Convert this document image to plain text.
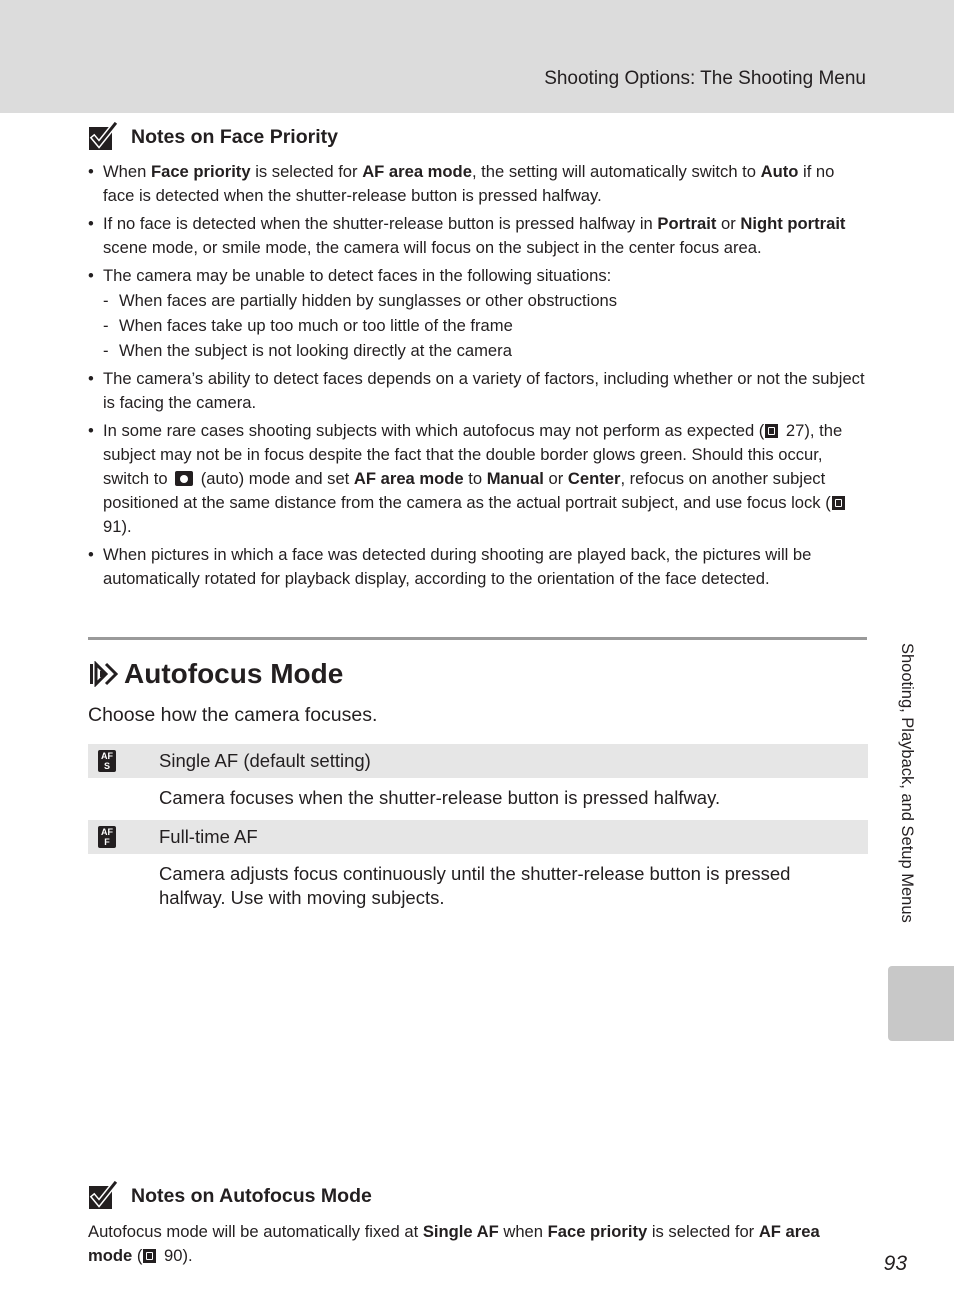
Shooting Options: The Shooting Menu
Notes on Face Priority
• When Face priority is selected for AF area mode, the setting will automatically switch to Auto if no face is detected when the shutter-release button is pressed halfway.
• If no face is detected when the shutter-release button is pressed halfway in Portrait or Night portrait scene mode, or smile mode, the camera will focus on the subject in the center focus area.
• The camera may be unable to detect faces in the following situations:
- When faces are partially hidden by sunglasses or other obstructions
- When faces take up too much or too little of the frame
- When the subject is not looking directly at the camera
• The camera’s ability to detect faces depends on a variety of factors, including whether or not the subject is facing the camera.
• In some rare cases shooting subjects with which autofocus may not perform as expected ( 27), the subject may not be in focus despite the fact that the double border glows green. Should this occur, switch to  (auto) mode and set AF area mode to Manual or Center, refocus on another subject positioned at the same distance from the camera as the actual portrait subject, and use focus lock ( 91).
• When pictures in which a face was detected during shooting are played back, the pictures will be automatically rotated for playback display, according to the orientation of the face detected.
Autofocus Mode
Choose how the camera focuses.
AF
S	Single AF (default setting)
Camera focuses when the shutter-release button is pressed halfway.
AF
F	Full-time AF
Camera adjusts focus continuously until the shutter-release button is pressed halfway. Use with moving subjects.	Shooting, Playback, and Setup Menus
Notes on Autofocus Mode
Autofocus mode will be automatically fixed at Single AF when Face priority is selected for AF area mode ( 90).	93
